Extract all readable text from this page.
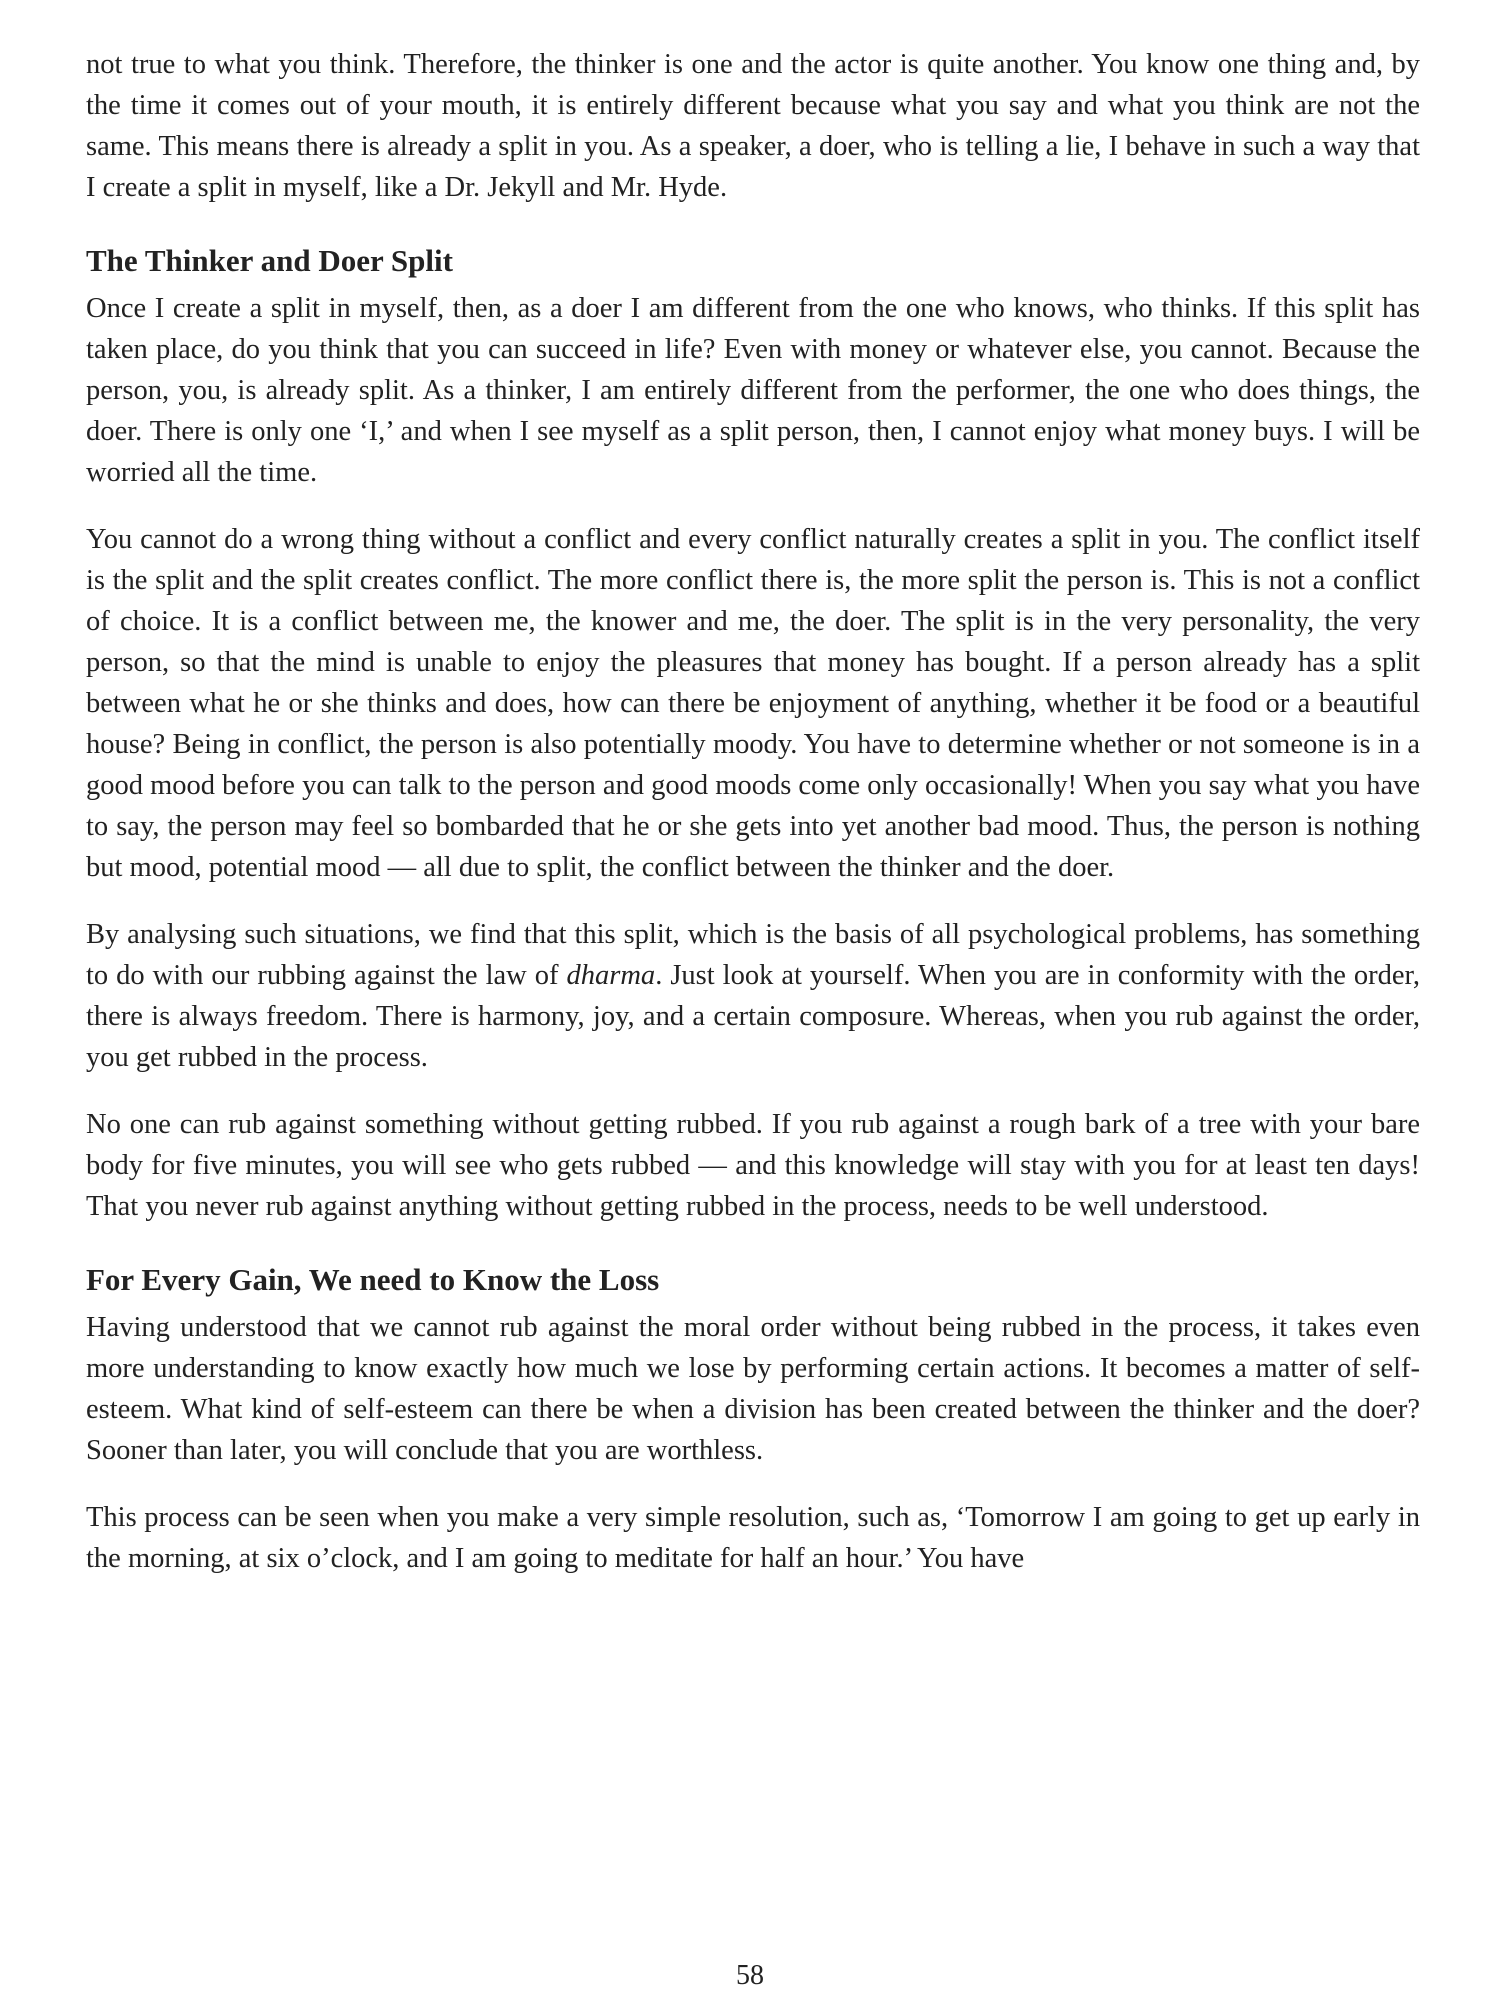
not true to what you think. Therefore, the thinker is one and the actor is quite another. You know one thing and, by the time it comes out of your mouth, it is entirely different because what you say and what you think are not the same. This means there is already a split in you. As a speaker, a doer, who is telling a lie, I behave in such a way that I create a split in myself, like a Dr. Jekyll and Mr. Hyde.

The Thinker and Doer Split

Once I create a split in myself, then, as a doer I am different from the one who knows, who thinks. If this split has taken place, do you think that you can succeed in life? Even with money or whatever else, you cannot. Because the person, you, is already split. As a thinker, I am entirely different from the performer, the one who does things, the doer. There is only one ‘I,’ and when I see myself as a split person, then, I cannot enjoy what money buys. I will be worried all the time.

You cannot do a wrong thing without a conflict and every conflict naturally creates a split in you. The conflict itself is the split and the split creates conflict. The more conflict there is, the more split the person is. This is not a conflict of choice. It is a conflict between me, the knower and me, the doer. The split is in the very personality, the very person, so that the mind is unable to enjoy the pleasures that money has bought. If a person already has a split between what he or she thinks and does, how can there be enjoyment of anything, whether it be food or a beautiful house? Being in conflict, the person is also potentially moody. You have to determine whether or not someone is in a good mood before you can talk to the person and good moods come only occasionally! When you say what you have to say, the person may feel so bombarded that he or she gets into yet another bad mood. Thus, the person is nothing but mood, potential mood — all due to split, the conflict between the thinker and the doer.

By analysing such situations, we find that this split, which is the basis of all psychological problems, has something to do with our rubbing against the law of dharma. Just look at yourself. When you are in conformity with the order, there is always freedom. There is harmony, joy, and a certain composure. Whereas, when you rub against the order, you get rubbed in the process.

No one can rub against something without getting rubbed. If you rub against a rough bark of a tree with your bare body for five minutes, you will see who gets rubbed — and this knowledge will stay with you for at least ten days! That you never rub against anything without getting rubbed in the process, needs to be well understood.

For Every Gain, We need to Know the Loss

Having understood that we cannot rub against the moral order without being rubbed in the process, it takes even more understanding to know exactly how much we lose by performing certain actions. It becomes a matter of self-esteem. What kind of self-esteem can there be when a division has been created between the thinker and the doer? Sooner than later, you will conclude that you are worthless.

This process can be seen when you make a very simple resolution, such as, ‘Tomorrow I am going to get up early in the morning, at six o’clock, and I am going to meditate for half an hour.’ You have

58
